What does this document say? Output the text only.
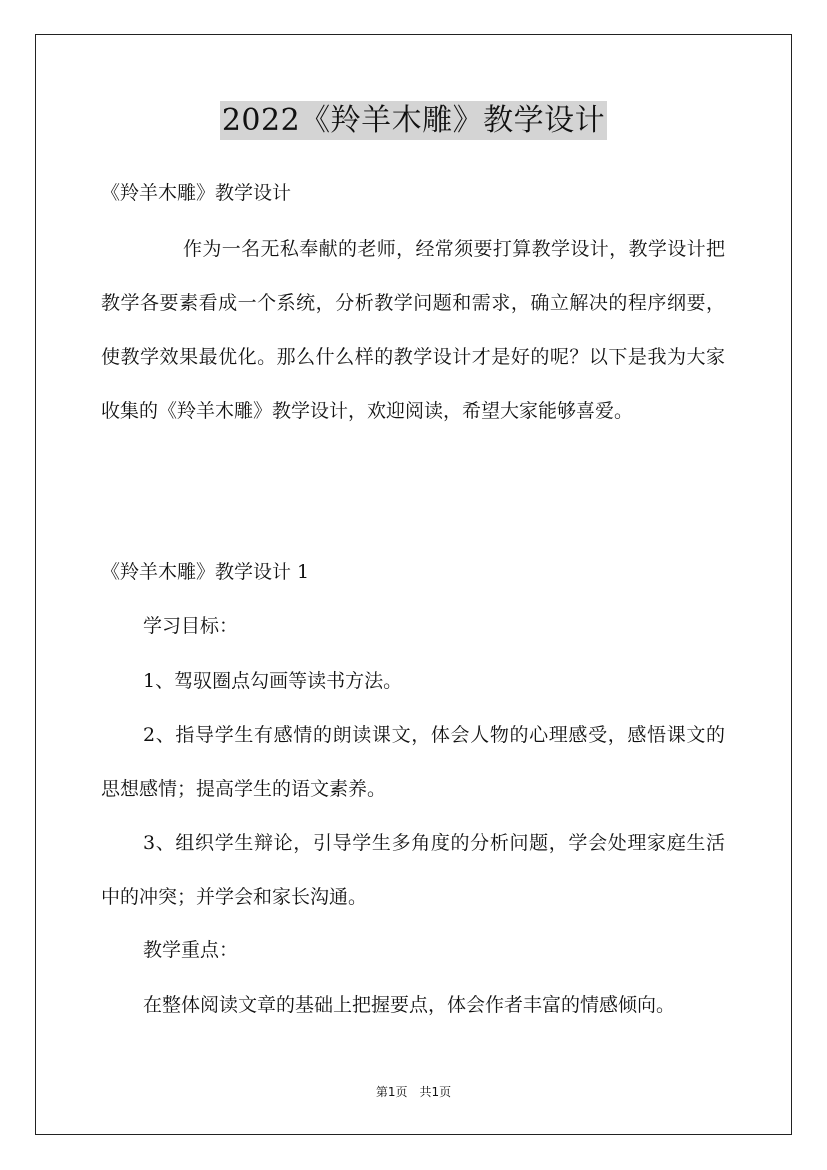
2022《羚羊木雕》教学设计
《羚羊木雕》教学设计
作为一名无私奉献的老师，经常须要打算教学设计，教学设计把教学各要素看成一个系统，分析教学问题和需求，确立解决的程序纲要，使教学效果最优化。那么什么样的教学设计才是好的呢？以下是我为大家收集的《羚羊木雕》教学设计，欢迎阅读，希望大家能够喜爱。
《羚羊木雕》教学设计 1
学习目标：
1、驾驭圈点勾画等读书方法。
2、指导学生有感情的朗读课文，体会人物的心理感受，感悟课文的思想感情；提高学生的语文素养。
3、组织学生辩论，引导学生多角度的分析问题，学会处理家庭生活中的冲突；并学会和家长沟通。
教学重点：
在整体阅读文章的基础上把握要点，体会作者丰富的情感倾向。
第1页　共1页
